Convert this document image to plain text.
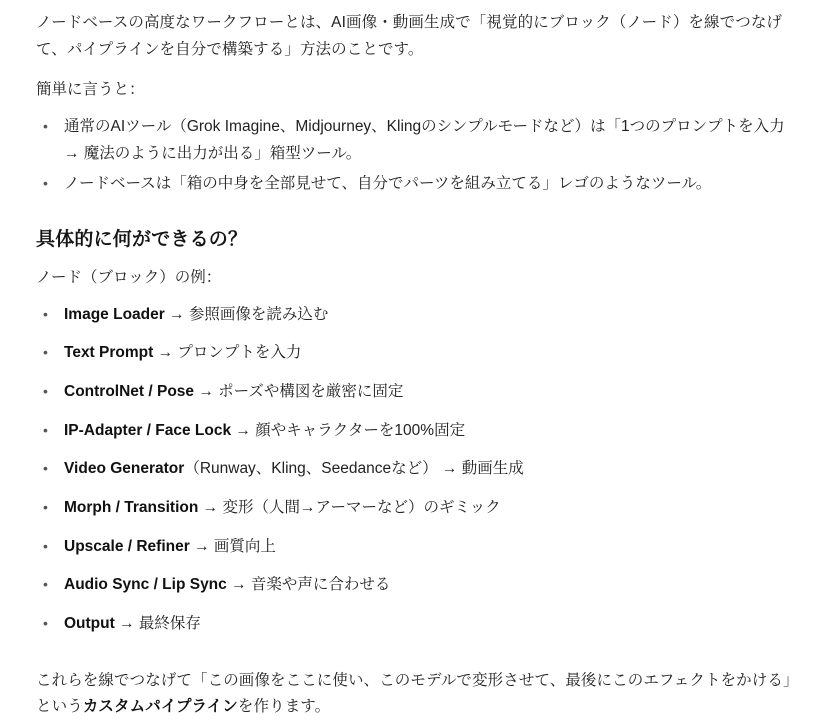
ノードベースの高度なワークフローとは、AI画像・動画生成で「視覚的にブロック（ノード）を線でつなげて、パイプラインを自分で構築する」方法のことです。

簡単に言うと：

• 通常のAIツール（Grok Imagine、Midjourney、Klingのシンプルモードなど）は「1つのプロンプトを入力 → 魔法のように出力が出る」箱型ツール。
• ノードベースは「箱の中身を全部見せて、自分でパーツを組み立てる」レゴのようなツール。
具体的に何ができるの？

ノード（ブロック）の例：

• Image Loader → 参照画像を読み込む
• Text Prompt → プロンプトを入力
• ControlNet / Pose → ポーズや構図を厳密に固定
• IP-Adapter / Face Lock → 顔やキャラクターを100%固定
• Video Generator（Runway、Kling、Seedanceなど） → 動画生成
• Morph / Transition → 変形（人間→アーマーなど）のギミック
• Upscale / Refiner → 画質向上
• Audio Sync / Lip Sync → 音楽や声に合わせる
• Output → 最終保存

これらを線でつなげて「この画像をここに使い、このモデルで変形させて、最後にこのエフェクトをかける」というカスタムパイプラインを作ります。
